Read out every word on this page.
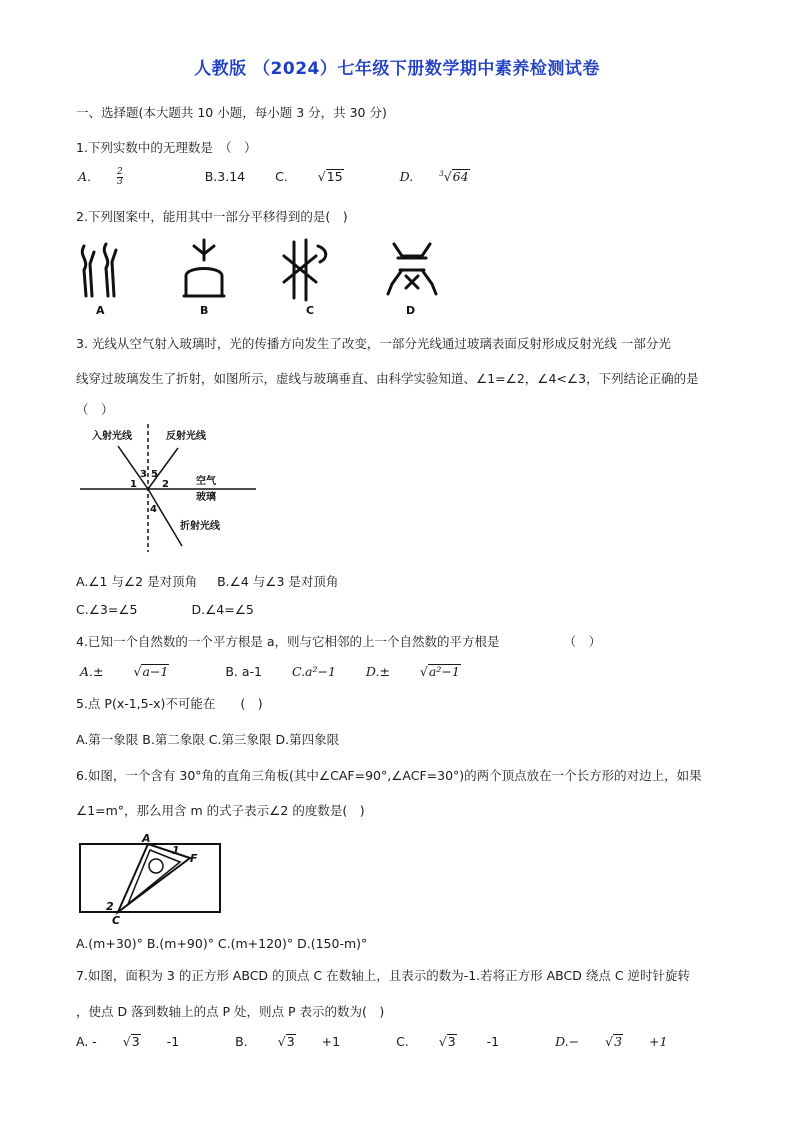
人教版 （2024）七年级下册数学期中素养检测试卷
一、选择题(本大题共 10 小题，每小题 3 分，共 30 分)
1.下列实数中的无理数是　（　）
A.	$\frac{2}{3}$	B.3.14 C. √15	D.	$^3$√64
2.下列图案中，能用其中一部分平移得到的是(　)
A	B	C	D
3. 光线从空气射入玻璃时，光的传播方向发生了改变，一部分光线通过玻璃表面反射形成反射光线 一部分光
线穿过玻璃发生了折射，如图所示，虚线与玻璃垂直、由科学实验知道、∠1=∠2，∠4<∠3，下列结论正确的是
（　）
入射光线	反射光线
空气
玻璃
折射光线
1	2
3 5
4
A.∠1 与∠2 是对顶角 B.∠4 与∠3 是对顶角
C.∠3=∠5	D.∠4=∠5
4.已知一个自然数的一个平方根是 a，则与它相邻的上一个自然数的平方根是	（　）
A.± √a−1	B. a-1 C.a²−1 D.± √a²−1
5.点 P(x-1,5-x)不可能在　　(　)
A.第一象限 B.第二象限 C.第三象限 D.第四象限
6.如图，一个含有 30°角的直角三角板(其中∠CAF=90°,∠ACF=30°)的两个顶点放在一个长方形的对边上，如果
∠1=m°，那么用含 m 的式子表示∠2 的度数是(　)
A
C
F
1
2
A.(m+30)° B.(m+90)° C.(m+120)° D.(150-m)°
7.如图，面积为 3 的正方形 ABCD 的顶点 C 在数轴上，且表示的数为-1.若将正方形 ABCD 绕点 C 逆时针旋转
，使点 D 落到数轴上的点 P 处，则点 P 表示的数为(　)
A. - √3 -1	B. √3 +1	C. √3 -1	D.− √3 +1
